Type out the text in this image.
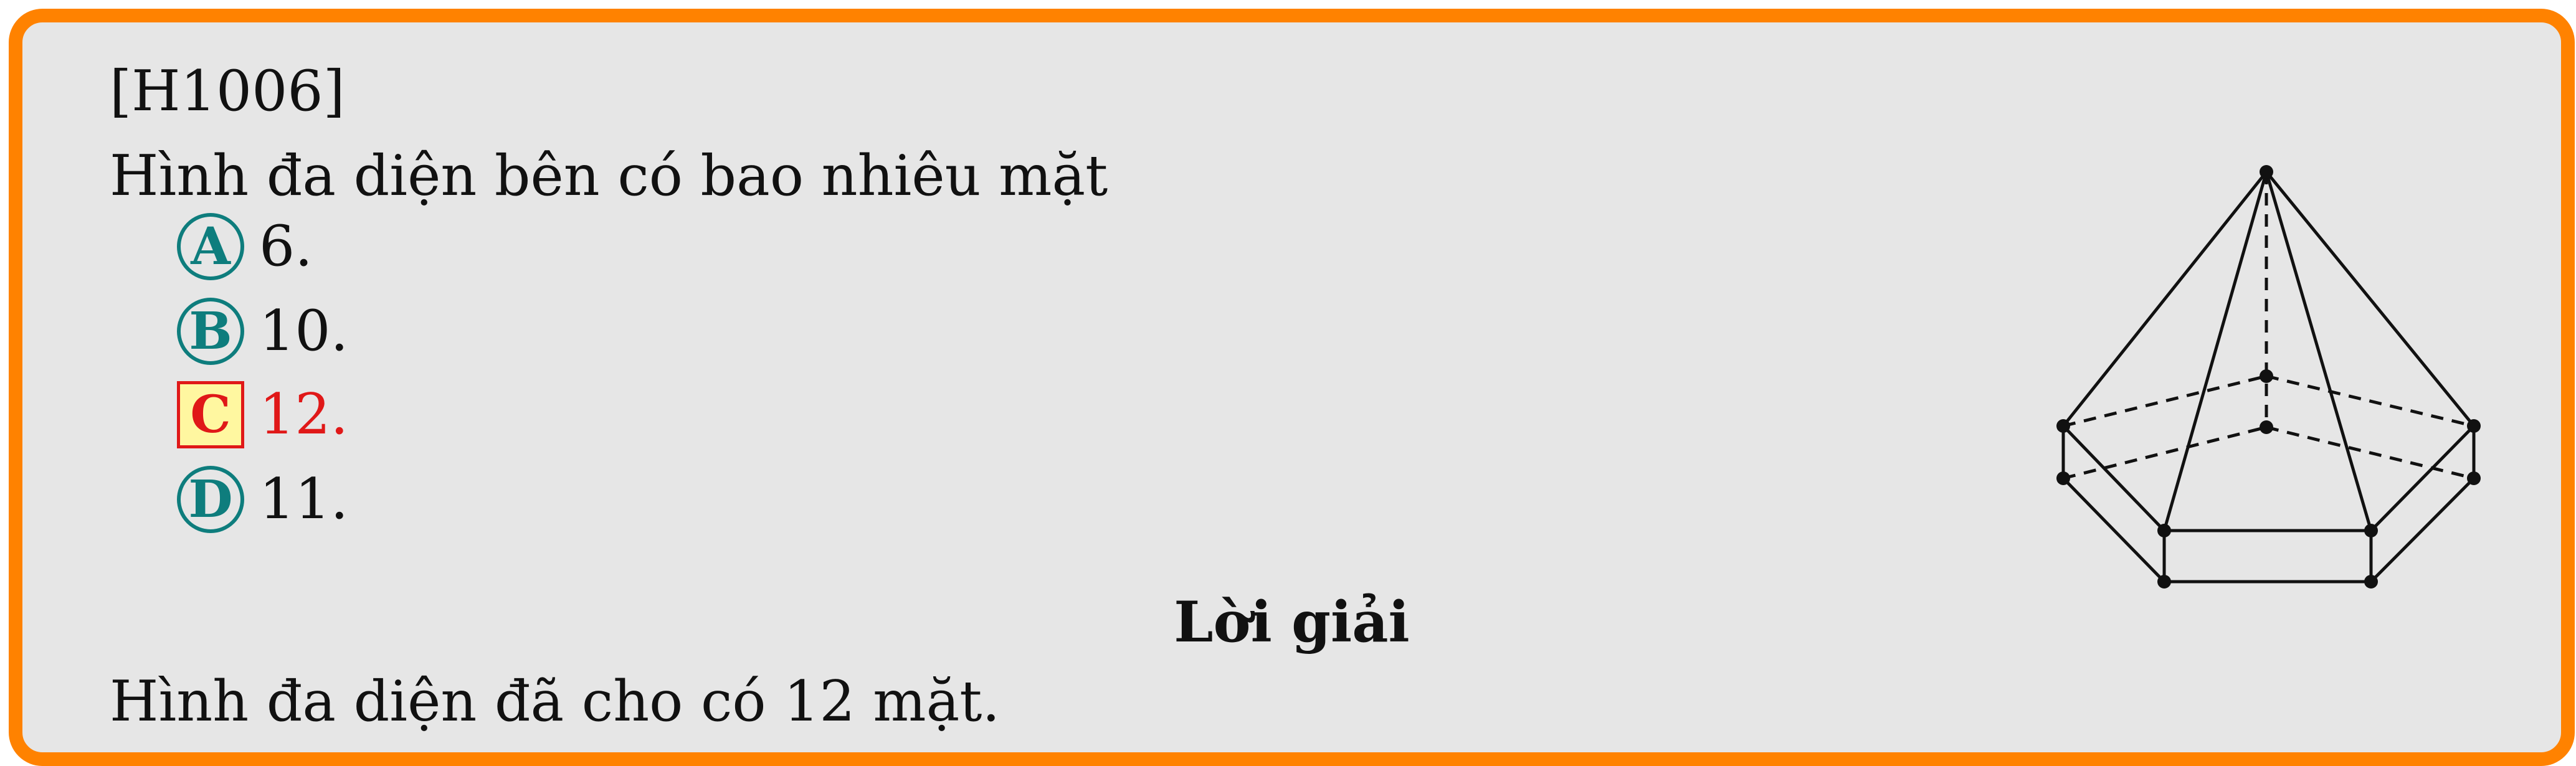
[H1006]
Hình đa diện bên có bao nhiêu mặt
A 6.
B 10.
C 12.
D 11.
Lời giải
Hình đa diện đã cho có 12 mặt.
